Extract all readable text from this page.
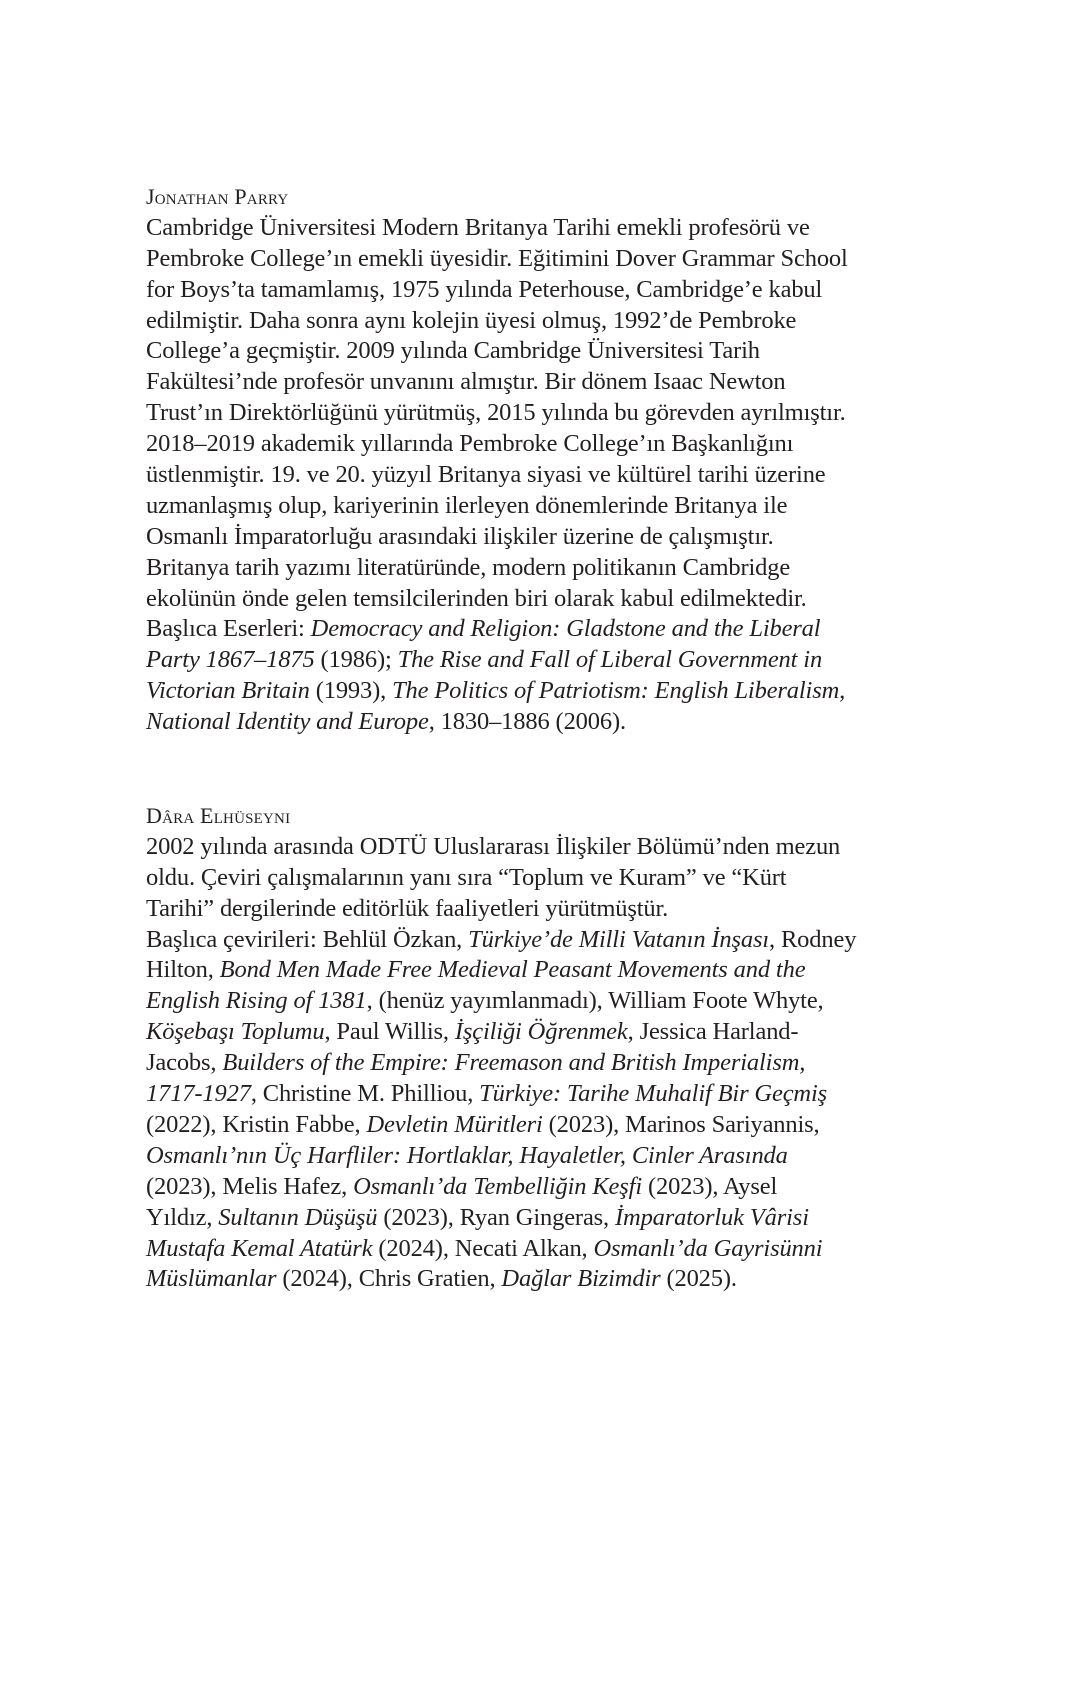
Jonathan Parry
Cambridge Üniversitesi Modern Britanya Tarihi emekli profesörü ve
Pembroke College’ın emekli üyesidir. Eğitimini Dover Grammar School
for Boys’ta tamamlamış, 1975 yılında Peterhouse, Cambridge’e kabul
edilmiştir. Daha sonra aynı kolejin üyesi olmuş, 1992’de Pembroke
College’a geçmiştir. 2009 yılında Cambridge Üniversitesi Tarih
Fakültesi’nde profesör unvanını almıştır. Bir dönem Isaac Newton
Trust’ın Direktörlüğünü yürütmüş, 2015 yılında bu görevden ayrılmıştır.
2018–2019 akademik yıllarında Pembroke College’ın Başkanlığını
üstlenmiştir. 19. ve 20. yüzyıl Britanya siyasi ve kültürel tarihi üzerine
uzmanlaşmış olup, kariyerinin ilerleyen dönemlerinde Britanya ile
Osmanlı İmparatorluğu arasındaki ilişkiler üzerine de çalışmıştır.
Britanya tarih yazımı literatüründe, modern politikanın Cambridge
ekolünün önde gelen temsilcilerinden biri olarak kabul edilmektedir.
Başlıca Eserleri: Democracy and Religion: Gladstone and the Liberal
Party 1867–1875 (1986); The Rise and Fall of Liberal Government in
Victorian Britain (1993), The Politics of Patriotism: English Liberalism,
National Identity and Europe, 1830–1886 (2006).
Dâra Elhüseyni
2002 yılında arasında ODTÜ Uluslararası İlişkiler Bölümü’nden mezun
oldu. Çeviri çalışmalarının yanı sıra “Toplum ve Kuram” ve “Kürt
Tarihi” dergilerinde editörlük faaliyetleri yürütmüştür.
Başlıca çevirileri: Behlül Özkan, Türkiye’de Milli Vatanın İnşası, Rodney
Hilton, Bond Men Made Free Medieval Peasant Movements and the
English Rising of 1381, (henüz yayımlanmadı), William Foote Whyte,
Köşebaşı Toplumu, Paul Willis, İşçiliği Öğrenmek, Jessica Harland-
Jacobs, Builders of the Empire: Freemason and British Imperialism,
1717-1927, Christine M. Philliou, Türkiye: Tarihe Muhalif Bir Geçmiş
(2022), Kristin Fabbe, Devletin Müritleri (2023), Marinos Sariyannis,
Osmanlı’nın Üç Harfliler: Hortlaklar, Hayaletler, Cinler Arasında
(2023), Melis Hafez, Osmanlı’da Tembelliğin Keşfi (2023), Aysel
Yıldız, Sultanın Düşüşü (2023), Ryan Gingeras, İmparatorluk Vârisi
Mustafa Kemal Atatürk (2024), Necati Alkan, Osmanlı’da Gayrisünni
Müslümanlar (2024), Chris Gratien, Dağlar Bizimdir (2025).
